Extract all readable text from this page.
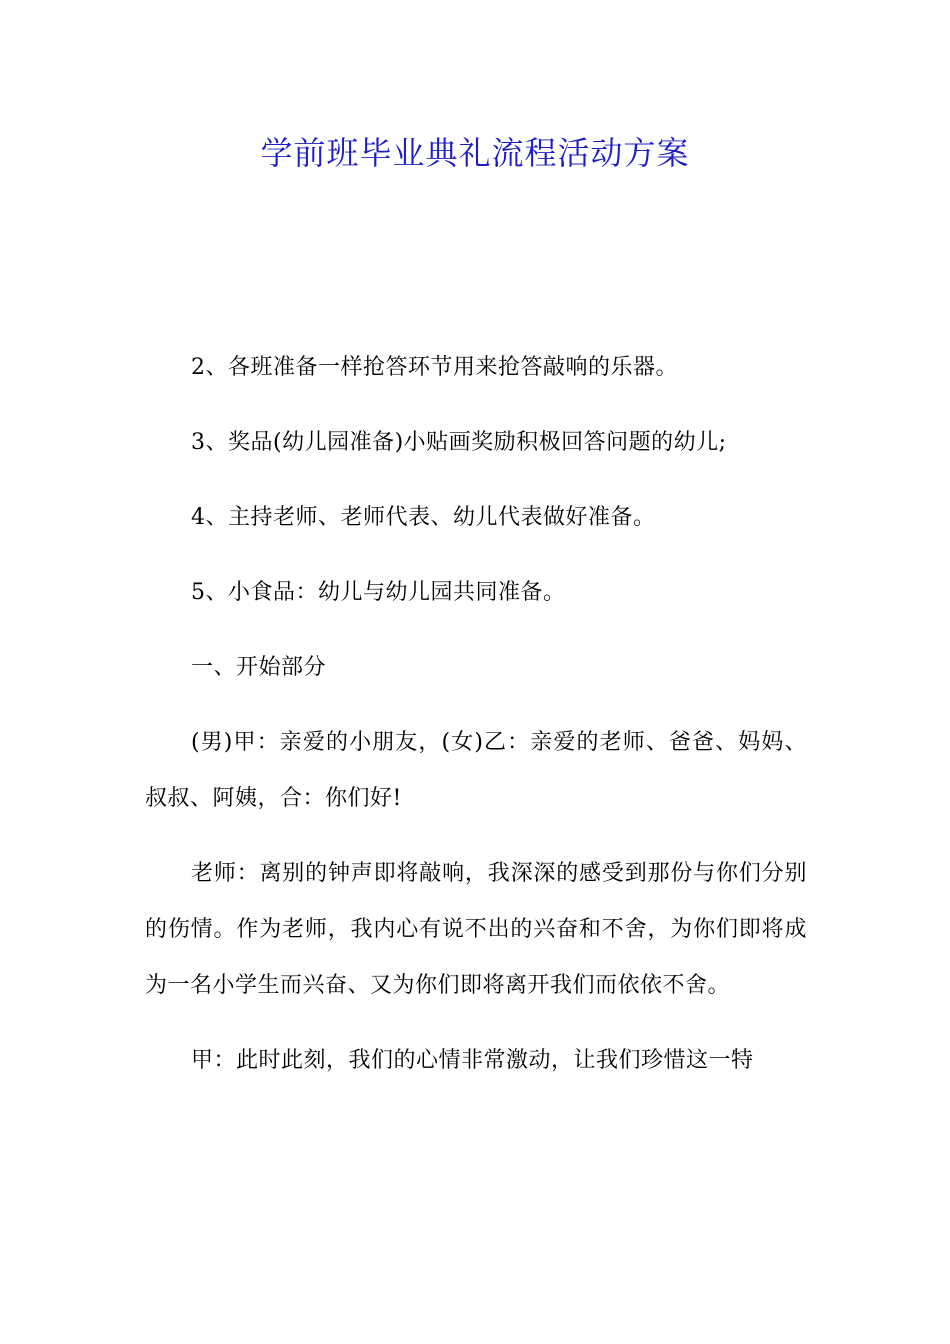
学前班毕业典礼流程活动方案

2、各班准备一样抢答环节用来抢答敲响的乐器。

3、奖品(幼儿园准备)小贴画奖励积极回答问题的幼儿;

4、主持老师、老师代表、幼儿代表做好准备。

5、小食品：幼儿与幼儿园共同准备。

一、开始部分

(男)甲：亲爱的小朋友，(女)乙：亲爱的老师、爸爸、妈妈、叔叔、阿姨，合：你们好!

老师：离别的钟声即将敲响，我深深的感受到那份与你们分别的伤情。作为老师，我内心有说不出的兴奋和不舍，为你们即将成为一名小学生而兴奋、又为你们即将离开我们而依依不舍。

甲：此时此刻，我们的心情非常激动，让我们珍惜这一特
